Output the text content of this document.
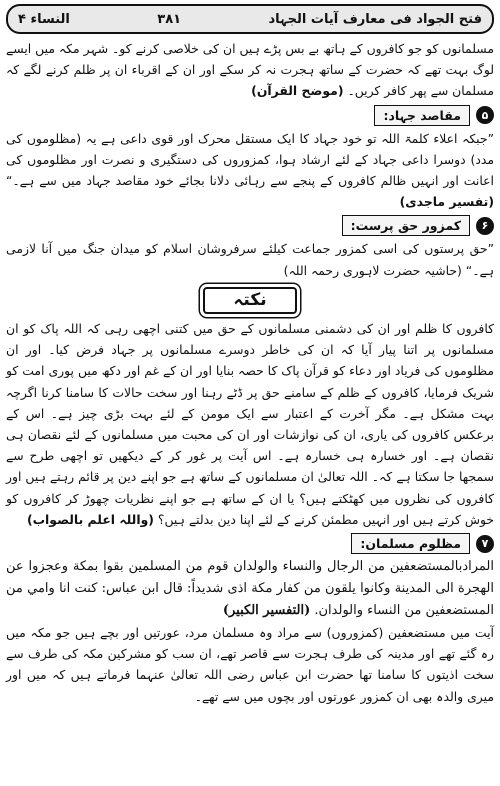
النساء ۴	۳۸۱	فتح الجواد فی معارف آیات الجہاد

مسلمانوں کو جو کافروں کے ہاتھ بے بس پڑے ہیں ان کی خلاصی کرنے کو۔ شہر مکہ میں ایسے لوگ بہت تھے کہ حضرت کے ساتھ ہجرت نہ کر سکے اور ان کے اقرباء ان پر ظلم کرنے لگے کہ مسلمان سے پھر کافر کریں۔ (موضح القرآن)

۵
مقاصد جہاد:

”جبکہ اعلاء کلمۃ اللہ تو خود جہاد کا ایک مستقل محرک اور قوی داعی ہے یہ (مظلوموں کی مدد) دوسرا داعی جہاد کے لئے ارشاد ہوا، کمزوروں کی دستگیری و نصرت اور مظلوموں کی اعانت اور انہیں ظالم کافروں کے پنجے سے رہائی دلانا بجائے خود مقاصد جہاد میں سے ہے۔“ (تفسیر ماجدی)

۶
کمزور حق پرست:

”حق پرستوں کی اسی کمزور جماعت کیلئے سرفروشان اسلام کو میدان جنگ میں آنا لازمی ہے۔“ (حاشیہ حضرت لاہوری رحمہ اللہ)

نکتہ

کافروں کا ظلم اور ان کی دشمنی مسلمانوں کے حق میں کتنی اچھی رہی کہ اللہ پاک کو ان مسلمانوں پر اتنا پیار آیا کہ ان کی خاطر دوسرے مسلمانوں پر جہاد فرض کیا۔ اور ان مظلوموں کی فریاد اور دعاء کو قرآن پاک کا حصہ بنایا اور ان کے غم اور دکھ میں پوری امت کو شریک فرمایا، کافروں کے ظلم کے سامنے حق پر ڈٹے رہنا اور سخت حالات کا سامنا کرنا اگرچہ بہت مشکل ہے۔ مگر آخرت کے اعتبار سے ایک مومن کے لئے بہت بڑی چیز ہے۔ اس کے برعکس کافروں کی یاری، ان کی نوازشات اور ان کی محبت میں مسلمانوں کے لئے نقصان ہی نقصان ہے۔ اور خسارہ ہی خسارہ ہے۔ اس آیت پر غور کر کے دیکھیں تو اچھی طرح سے سمجھا جا سکتا ہے کہ۔ اللہ تعالیٰ ان مسلمانوں کے ساتھ ہے جو اپنے دین پر قائم رہتے ہیں اور کافروں کی نظروں میں کھٹکتے ہیں؟ یا ان کے ساتھ ہے جو اپنے نظریات چھوڑ کر کافروں کو خوش کرتے ہیں اور انہیں مطمئن کرنے کے لئے اپنا دین بدلتے ہیں؟ (واللہ اعلم بالصواب)

۷
مظلوم مسلمان:

المرادبالمستضعفين من الرجال والنساء والولدان قوم من المسلمين بقوا بمكة وعجزوا عن الهجرة الى المدينة وكانوا يلقون من كفار مكة اذى شديداً: قال ابن عباس: كنت انا وامي من المستضعفين من النساء والولدان. (التفسير الكبير)

آیت میں مستضعفین (کمزوروں) سے مراد وہ مسلمان مرد، عورتیں اور بچے ہیں جو مکہ میں رہ گئے تھے اور مدینہ کی طرف ہجرت سے قاصر تھے، ان سب کو مشرکین مکہ کی طرف سے سخت اذیتوں کا سامنا تھا حضرت ابن عباس رضی اللہ تعالیٰ عنہما فرماتے ہیں کہ میں اور میری والدہ بھی ان کمزور عورتوں اور بچوں میں سے تھے۔
